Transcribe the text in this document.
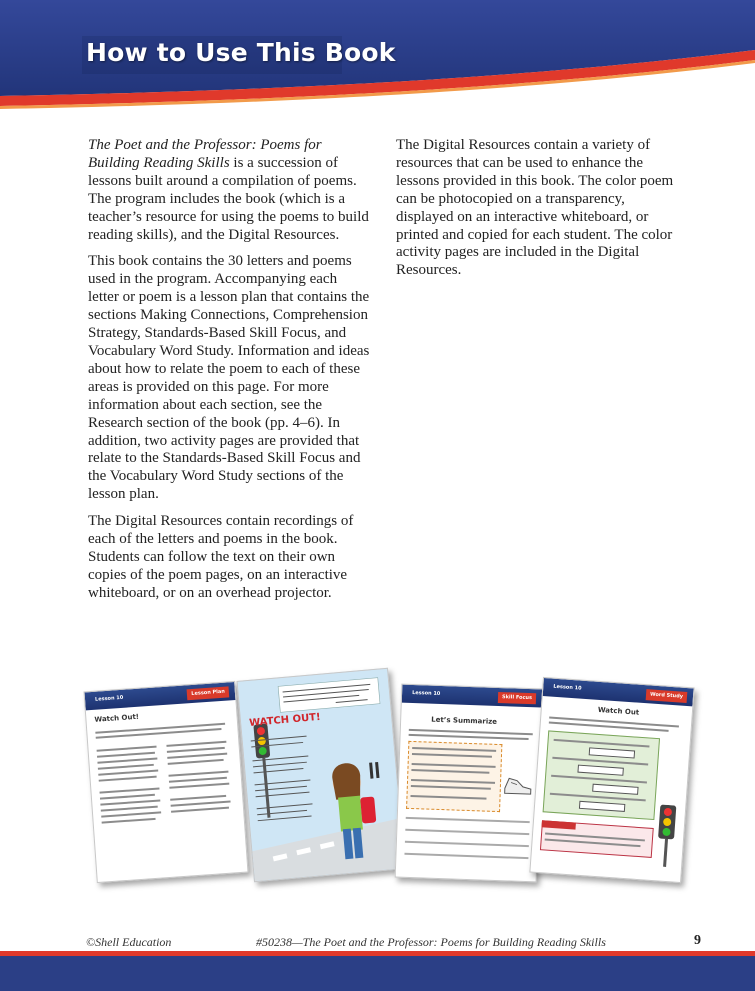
How to Use This Book

The Poet and the Professor: Poems for Building Reading Skills is a succession of lessons built around a compilation of poems. The program includes the book (which is a teacher’s resource for using the poems to build reading skills), and the Digital Resources.

This book contains the 30 letters and poems used in the program. Accompanying each letter or poem is a lesson plan that contains the sections Making Connections, Comprehension Strategy, Standards-Based Skill Focus, and Vocabulary Word Study. Information and ideas about how to relate the poem to each of these areas is provided on this page. For more information about each section, see the Research section of the book (pp. 4–6). In addition, two activity pages are provided that relate to the Standards-Based Skill Focus and the Vocabulary Word Study sections of the lesson plan.

The Digital Resources contain recordings of each of the letters and poems in the book. Students can follow the text on their own copies of the poem pages, on an interactive whiteboard, or on an overhead projector.

The Digital Resources contain a variety of resources that can be used to enhance the lessons provided in this book. The color poem can be photocopied on a transparency, displayed on an interactive whiteboard, or printed and copied for each student. The color activity pages are included in the Digital Resources.

Lesson 10
Lesson Plan
Watch Out!	WATCH OUT!
Lesson 10
Skill Focus
Let’s Summarize
Lesson 10
Word Study
Watch Out
©Shell Education	#50238—The Poet and the Professor: Poems for Building Reading Skills	9
